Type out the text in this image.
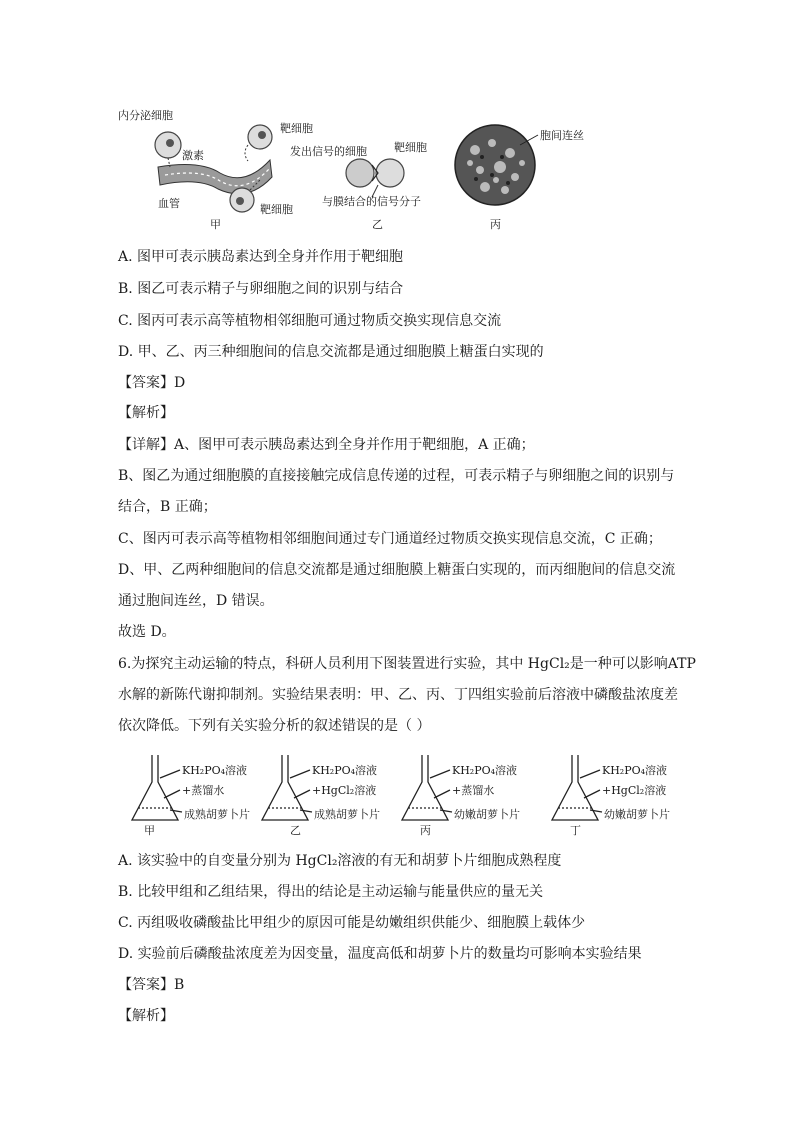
内分泌细胞
激素
靶细胞
血管	靶细胞
甲
发出信号的细胞 靶细胞
与膜结合的信号分子
乙
胞间连丝
丙
A. 图甲可表示胰岛素达到全身并作用于靶细胞
B. 图乙可表示精子与卵细胞之间的识别与结合
C. 图丙可表示高等植物相邻细胞可通过物质交换实现信息交流
D. 甲、乙、丙三种细胞间的信息交流都是通过细胞膜上糖蛋白实现的
【答案】D
【解析】
【详解】A、图甲可表示胰岛素达到全身并作用于靶细胞，A 正确；
B、图乙为通过细胞膜的直接接触完成信息传递的过程，可表示精子与卵细胞之间的识别与
结合，B 正确；
C、图丙可表示高等植物相邻细胞间通过专门通道经过物质交换实现信息交流，C 正确；
D、甲、乙两种细胞间的信息交流都是通过细胞膜上糖蛋白实现的，而丙细胞间的信息交流
通过胞间连丝，D 错误。
故选 D。
6.为探究主动运输的特点，科研人员利用下图装置进行实验，其中 HgCl₂是一种可以影响ATP
水解的新陈代谢抑制剂。实验结果表明：甲、乙、丙、丁四组实验前后溶液中磷酸盐浓度差
依次降低。下列有关实验分析的叙述错误的是（ ）
KH₂PO₄溶液
+蒸馏水
成熟胡萝卜片
甲
KH₂PO₄溶液
+HgCl₂溶液
成熟胡萝卜片
乙
KH₂PO₄溶液
+蒸馏水
幼嫩胡萝卜片
丙
KH₂PO₄溶液
+HgCl₂溶液
幼嫩胡萝卜片
丁
A. 该实验中的自变量分别为 HgCl₂溶液的有无和胡萝卜片细胞成熟程度
B. 比较甲组和乙组结果，得出的结论是主动运输与能量供应的量无关
C. 丙组吸收磷酸盐比甲组少的原因可能是幼嫩组织供能少、细胞膜上载体少
D. 实验前后磷酸盐浓度差为因变量，温度高低和胡萝卜片的数量均可影响本实验结果
【答案】B
【解析】
